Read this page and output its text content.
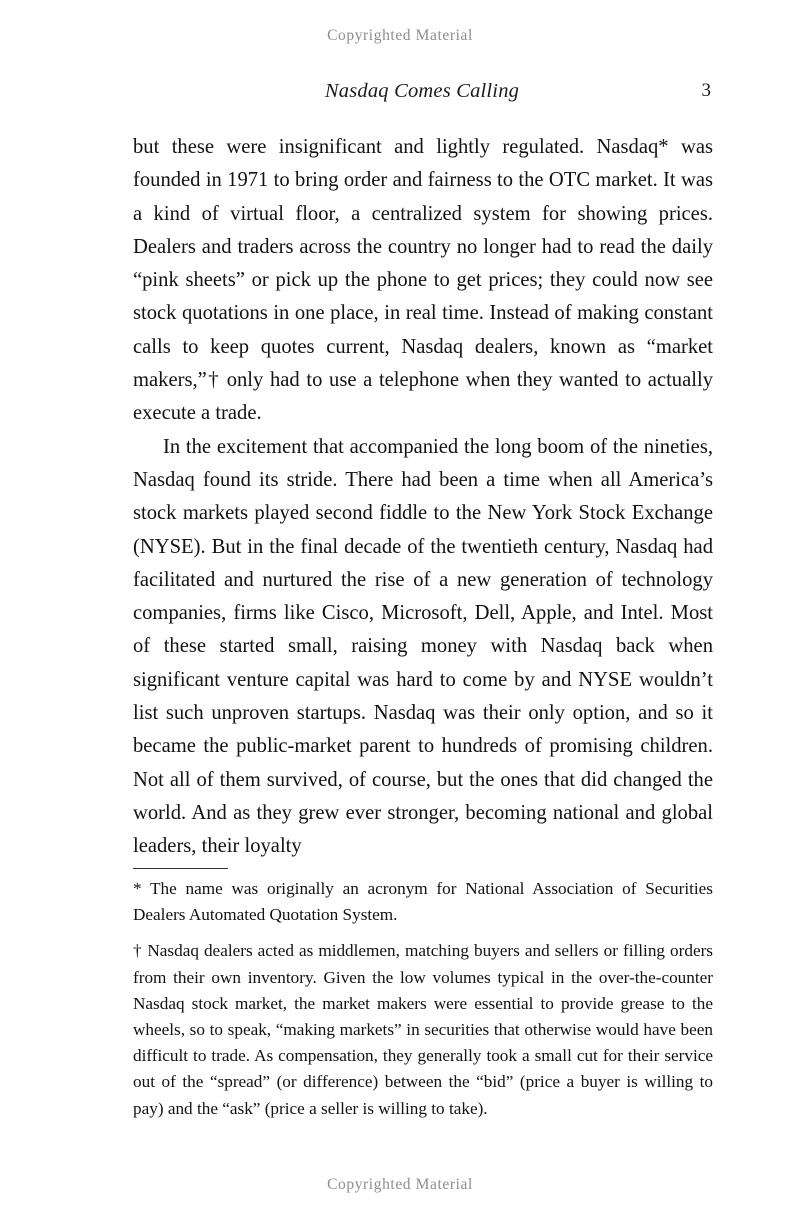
Copyrighted Material
Nasdaq Comes Calling	3

but these were insignificant and lightly regulated. Nasdaq* was founded in 1971 to bring order and fairness to the OTC market. It was a kind of virtual floor, a centralized system for showing prices. Dealers and traders across the country no longer had to read the daily “pink sheets” or pick up the phone to get prices; they could now see stock quotations in one place, in real time. Instead of making constant calls to keep quotes current, Nasdaq dealers, known as “market makers,”† only had to use a telephone when they wanted to actually execute a trade.

In the excitement that accompanied the long boom of the nineties, Nasdaq found its stride. There had been a time when all America’s stock markets played second fiddle to the New York Stock Exchange (NYSE). But in the final decade of the twentieth century, Nasdaq had facilitated and nurtured the rise of a new generation of technology companies, firms like Cisco, Microsoft, Dell, Apple, and Intel. Most of these started small, raising money with Nasdaq back when significant venture capital was hard to come by and NYSE wouldn’t list such unproven startups. Nasdaq was their only option, and so it became the public-market parent to hundreds of promising children. Not all of them survived, of course, but the ones that did changed the world. And as they grew ever stronger, becoming national and global leaders, their loyalty

* The name was originally an acronym for National Association of Securities Dealers Automated Quotation System.

† Nasdaq dealers acted as middlemen, matching buyers and sellers or filling orders from their own inventory. Given the low volumes typical in the over-the-counter Nasdaq stock market, the market makers were essential to provide grease to the wheels, so to speak, “making markets” in securities that otherwise would have been difficult to trade. As compensation, they generally took a small cut for their service out of the “spread” (or difference) between the “bid” (price a buyer is willing to pay) and the “ask” (price a seller is willing to take).

Copyrighted Material
